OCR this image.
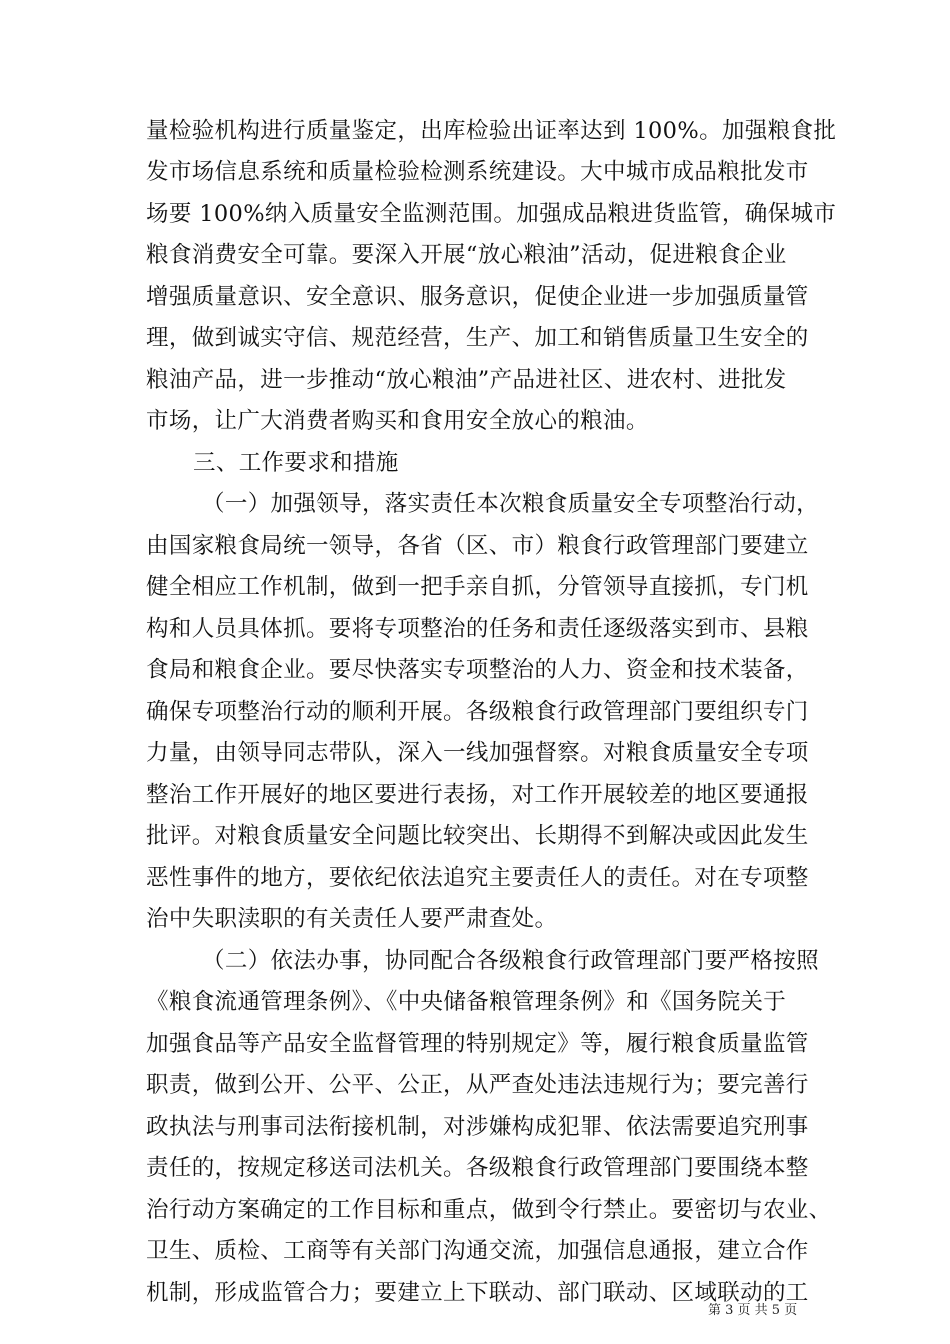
量检验机构进行质量鉴定，出库检验出证率达到 100%。加强粮食批
发市场信息系统和质量检验检测系统建设。大中城市成品粮批发市
场要 100%纳入质量安全监测范围。加强成品粮进货监管，确保城市
粮食消费安全可靠。要深入开展“放心粮油”活动，促进粮食企业
增强质量意识、安全意识、服务意识，促使企业进一步加强质量管
理，做到诚实守信、规范经营，生产、加工和销售质量卫生安全的
粮油产品，进一步推动“放心粮油”产品进社区、进农村、进批发
市场，让广大消费者购买和食用安全放心的粮油。
三、工作要求和措施
（一）加强领导，落实责任本次粮食质量安全专项整治行动，
由国家粮食局统一领导，各省（区、市）粮食行政管理部门要建立
健全相应工作机制，做到一把手亲自抓，分管领导直接抓，专门机
构和人员具体抓。要将专项整治的任务和责任逐级落实到市、县粮
食局和粮食企业。要尽快落实专项整治的人力、资金和技术装备，
确保专项整治行动的顺利开展。各级粮食行政管理部门要组织专门
力量，由领导同志带队，深入一线加强督察。对粮食质量安全专项
整治工作开展好的地区要进行表扬，对工作开展较差的地区要通报
批评。对粮食质量安全问题比较突出、长期得不到解决或因此发生
恶性事件的地方，要依纪依法追究主要责任人的责任。对在专项整
治中失职渎职的有关责任人要严肃查处。
（二）依法办事，协同配合各级粮食行政管理部门要严格按照
《粮食流通管理条例》、《中央储备粮管理条例》和《国务院关于
加强食品等产品安全监督管理的特别规定》等，履行粮食质量监管
职责，做到公开、公平、公正，从严查处违法违规行为；要完善行
政执法与刑事司法衔接机制，对涉嫌构成犯罪、依法需要追究刑事
责任的，按规定移送司法机关。各级粮食行政管理部门要围绕本整
治行动方案确定的工作目标和重点，做到令行禁止。要密切与农业、
卫生、质检、工商等有关部门沟通交流，加强信息通报，建立合作
机制，形成监管合力；要建立上下联动、部门联动、区域联动的工
第 3 页 共 5 页
